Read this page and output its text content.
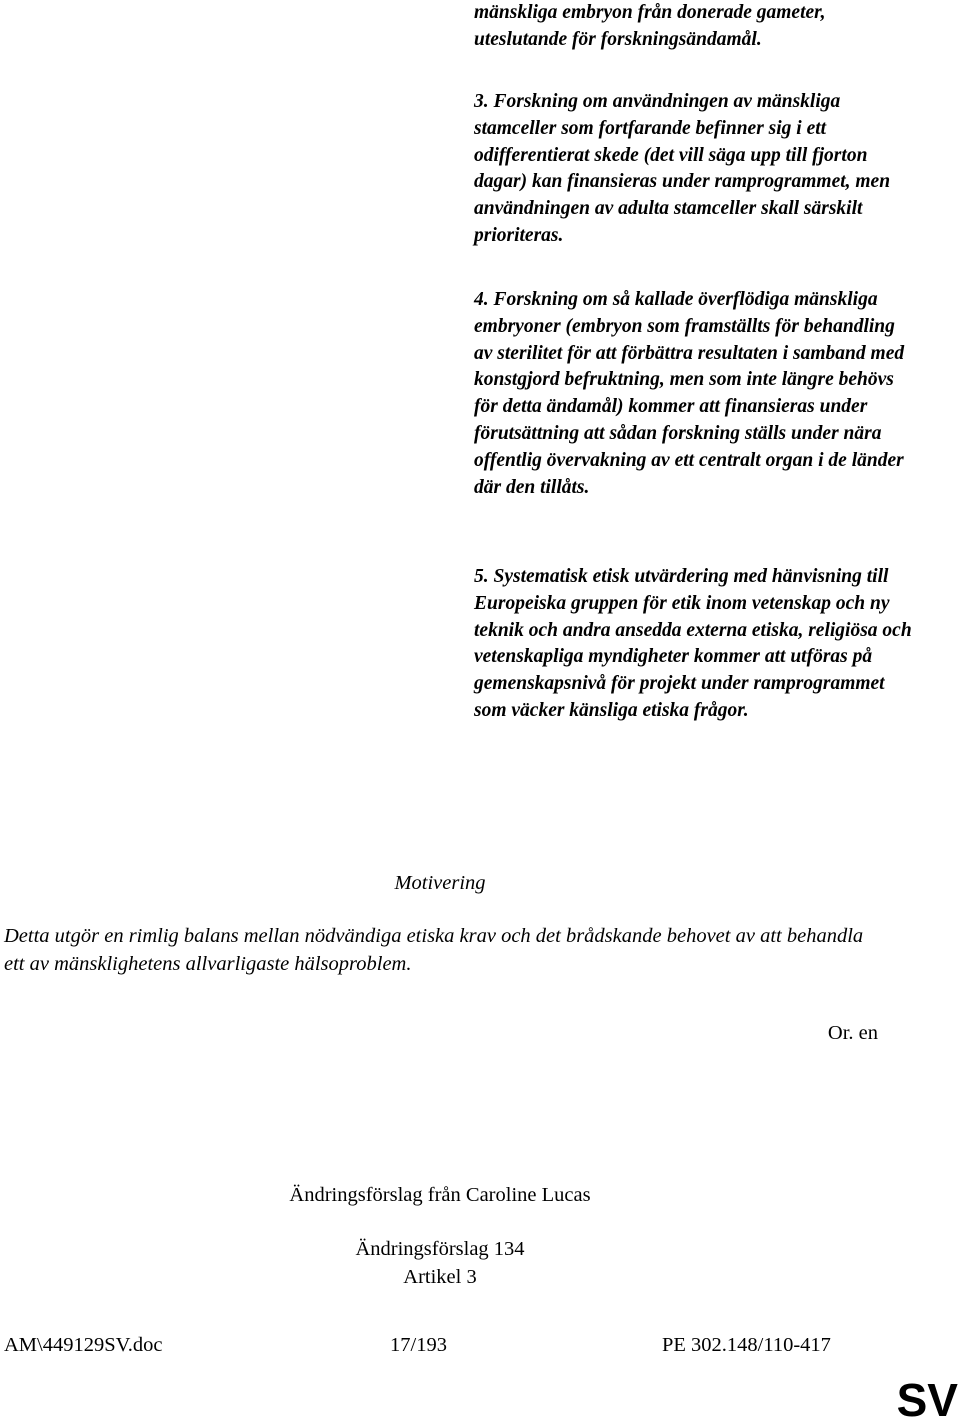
mänskliga embryon från donerade gameter, uteslutande för forskningsändamål.

3. Forskning om användningen av mänskliga stamceller som fortfarande befinner sig i ett odifferentierat skede (det vill säga upp till fjorton dagar) kan finansieras under ramprogrammet, men användningen av adulta stamceller skall särskilt prioriteras.

4. Forskning om så kallade överflödiga mänskliga embryoner (embryon som framställts för behandling av sterilitet för att förbättra resultaten i samband med konstgjord befruktning, men som inte längre behövs för detta ändamål) kommer att finansieras under förutsättning att sådan forskning ställs under nära offentlig övervakning av ett centralt organ i de länder där den tillåts.

5. Systematisk etisk utvärdering med hänvisning till Europeiska gruppen för etik inom vetenskap och ny teknik och andra ansedda externa etiska, religiösa och vetenskapliga myndigheter kommer att utföras på gemenskapsnivå för projekt under ramprogrammet som väcker känsliga etiska frågor.

Motivering

Detta utgör en rimlig balans mellan nödvändiga etiska krav och det brådskande behovet av att behandla ett av mänsklighetens allvarligaste hälsoproblem.

Or. en
Ändringsförslag från Caroline Lucas
Ändringsförslag 134
Artikel 3
AM\449129SV.doc	17/193	PE 302.148/110-417
SV
